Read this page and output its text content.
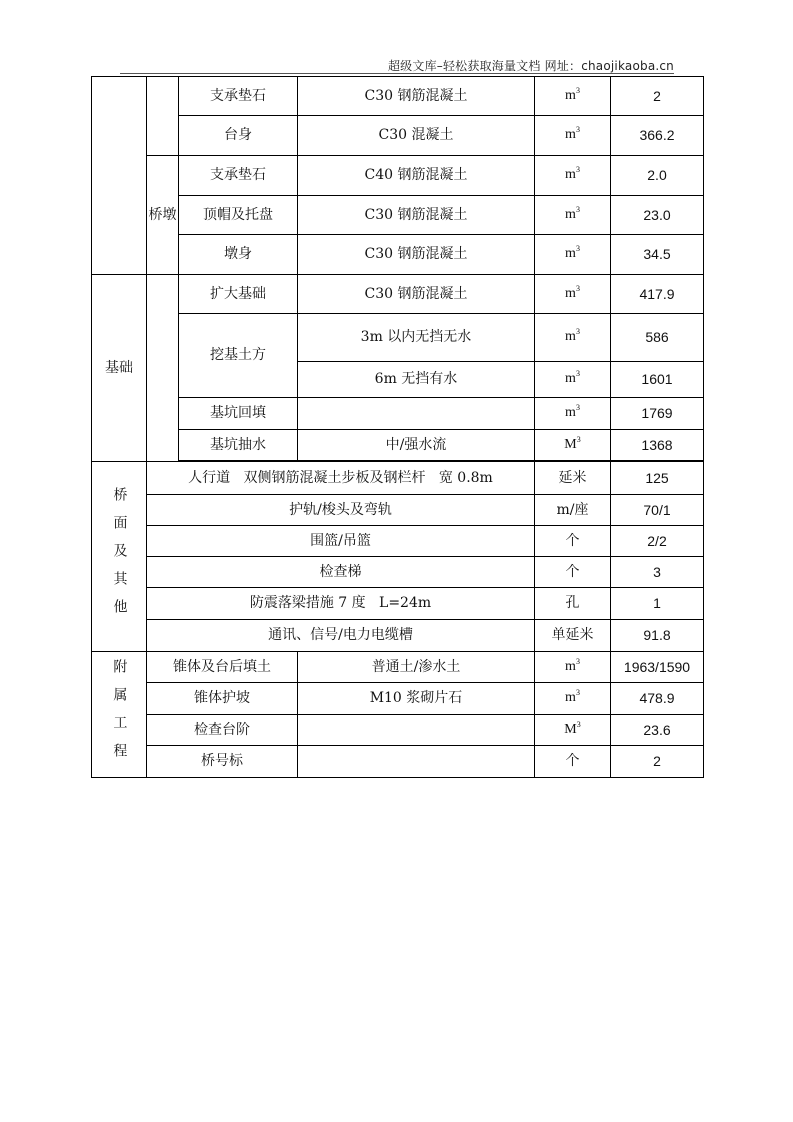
超级文库–轻松获取海量文档 网址：chaojikaoba.cn
		支承垫石	C30 钢筋混凝土	$m^3$	2
		台身	C30 混凝土	$m^3$	366.2

	桥墩	支承垫石	C40 钢筋混凝土	$m^3$	2.0
		顶帽及托盘	C30 钢筋混凝土	$m^3$	23.0
		墩身	C30 钢筋混凝土	$m^3$	34.5

基础		扩大基础	C30 钢筋混凝土	$m^3$	417.9
		挖基土方	3m 以内无挡无水	$m^3$	586
			6m 无挡有水	$m^3$	1601
		基坑回填		$m^3$	1769
		基坑抽水	中/强水流	$M^3$	1368

桥面及其他	人行道   双侧钢筋混凝土步板及钢栏杆   宽 0.8m			延米	125
	护轨/梭头及弯轨			m/座	70/1
	围篮/吊篮			个	2/2
	检查梯			个	3
	防震落梁措施 7 度   L=24m			孔	1
	通讯、信号/电力电缆槽			单延米	91.8
附属工程	锥体及台后填土		普通土/渗水土	$m^3$	1963/1590
	锥体护坡		M10 浆砌片石	$m^3$	478.9
	检查台阶			$M^3$	23.6
	桥号标			个	2
